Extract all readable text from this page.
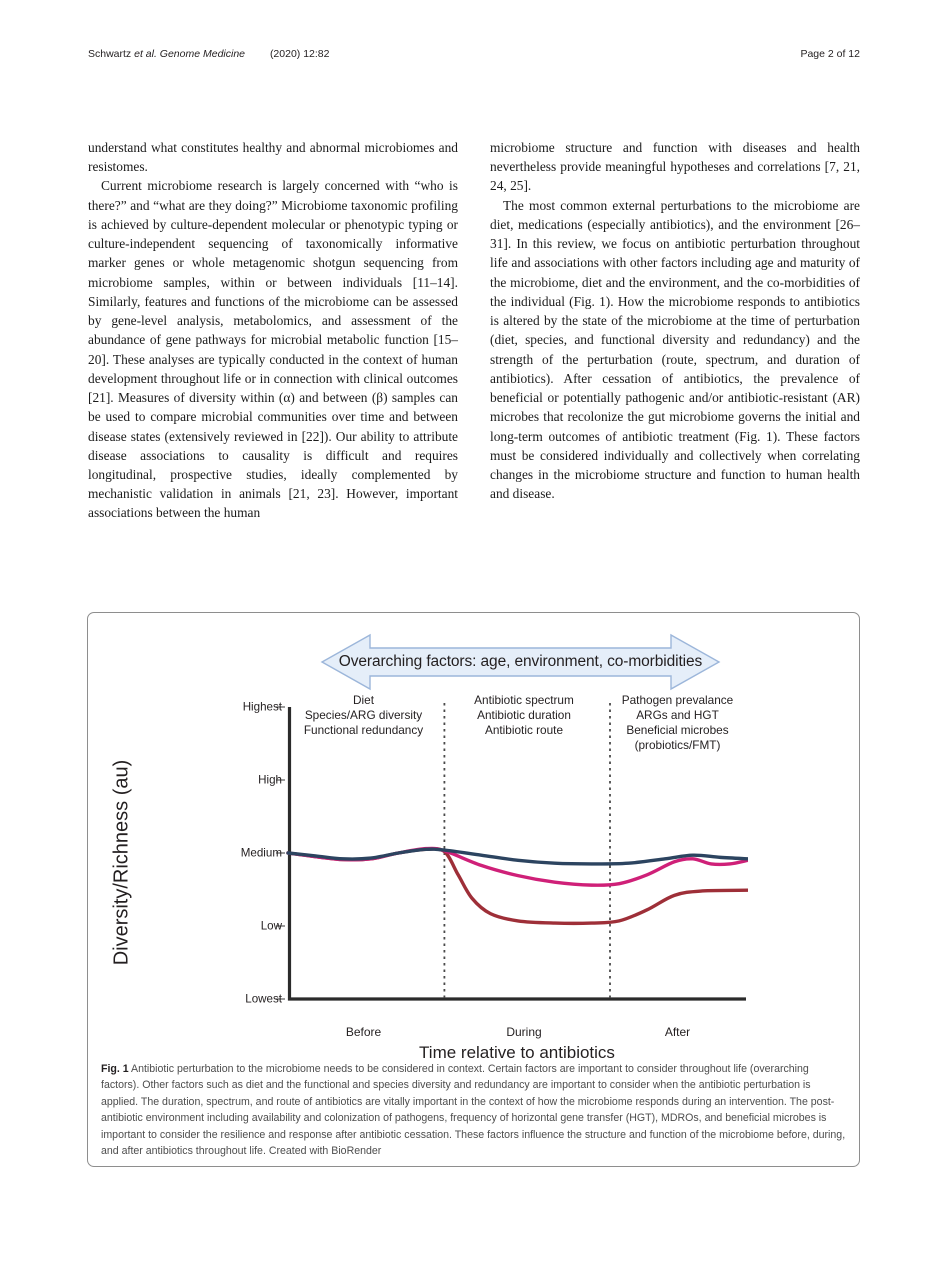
Schwartz et al. Genome Medicine (2020) 12:82	Page 2 of 12

understand what constitutes healthy and abnormal microbiomes and resistomes.

Current microbiome research is largely concerned with “who is there?” and “what are they doing?” Microbiome taxonomic profiling is achieved by culture-dependent molecular or phenotypic typing or culture-independent sequencing of taxonomically informative marker genes or whole metagenomic shotgun sequencing from microbiome samples, within or between individuals [11–14]. Similarly, features and functions of the microbiome can be assessed by gene-level analysis, metabolomics, and assessment of the abundance of gene pathways for microbial metabolic function [15–20]. These analyses are typically conducted in the context of human development throughout life or in connection with clinical outcomes [21]. Measures of diversity within (α) and between (β) samples can be used to compare microbial communities over time and between disease states (extensively reviewed in [22]). Our ability to attribute disease associations to causality is difficult and requires longitudinal, prospective studies, ideally complemented by mechanistic validation in animals [21, 23]. However, important associations between the human

microbiome structure and function with diseases and health nevertheless provide meaningful hypotheses and correlations [7, 21, 24, 25].

The most common external perturbations to the microbiome are diet, medications (especially antibiotics), and the environment [26–31]. In this review, we focus on antibiotic perturbation throughout life and associations with other factors including age and maturity of the microbiome, diet and the environment, and the co-morbidities of the individual (Fig. 1). How the microbiome responds to antibiotics is altered by the state of the microbiome at the time of perturbation (diet, species, and functional diversity and redundancy) and the strength of the perturbation (route, spectrum, and duration of antibiotics). After cessation of antibiotics, the prevalence of beneficial or potentially pathogenic and/or antibiotic-resistant (AR) microbes that recolonize the gut microbiome governs the initial and long-term outcomes of antibiotic treatment (Fig. 1). These factors must be considered individually and collectively when correlating changes in the microbiome structure and function to human health and disease.

Overarching factors: age, environment, co-morbidities
Diet
Species/ARG diversity
Functional redundancy
Antibiotic spectrum
Antibiotic duration
Antibiotic route
Pathogen prevalance
ARGs and HGT
Beneficial microbes
(probiotics/FMT)
Diversity/Richness (au)
Lowest
Low
Medium
High
Highest
Before	During	After
Time relative to antibiotics
Fig. 1 Antibiotic perturbation to the microbiome needs to be considered in context. Certain factors are important to consider throughout life (overarching factors). Other factors such as diet and the functional and species diversity and redundancy are important to consider when the antibiotic perturbation is applied. The duration, spectrum, and route of antibiotics are vitally important in the context of how the microbiome responds during an intervention. The post-antibiotic environment including availability and colonization of pathogens, frequency of horizontal gene transfer (HGT), MDROs, and beneficial microbes is important to consider the resilience and response after antibiotic cessation. These factors influence the structure and function of the microbiome before, during, and after antibiotics throughout life. Created with BioRender
